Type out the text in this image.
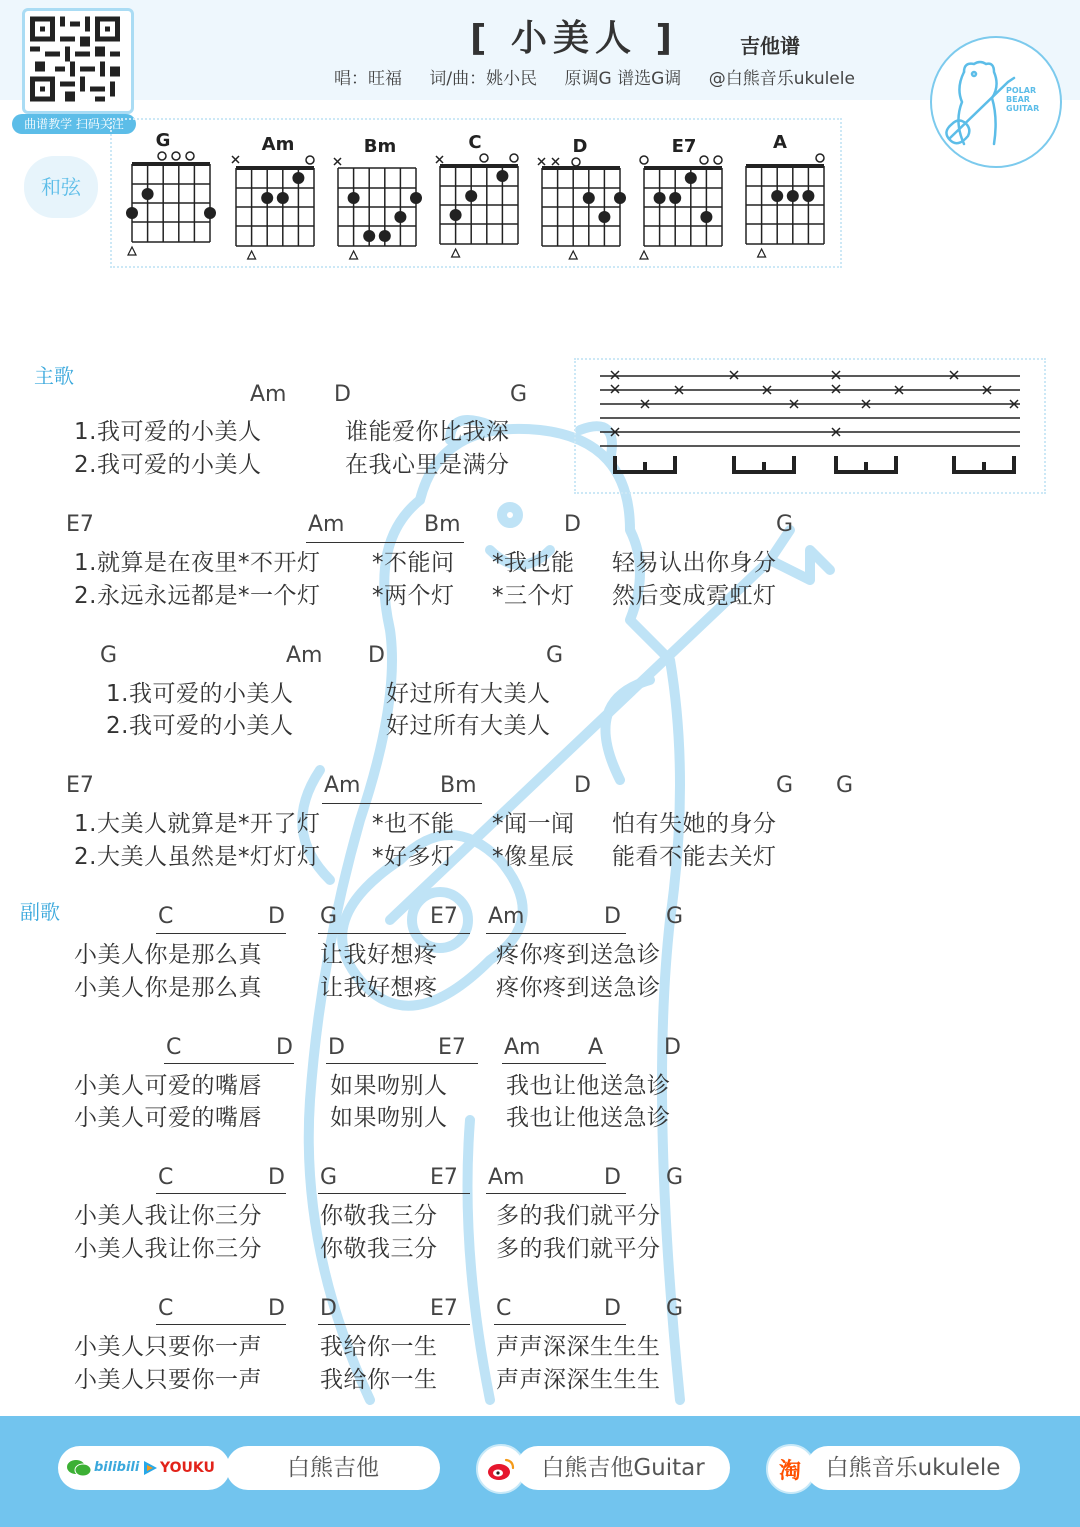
曲谱教学 扫码关注
[ 小美人 ]	吉他谱
唱：旺福 词/曲：姚小民 原调G 谱选G调 @白熊音乐ukulele
POLAR
BEAR
GUITAR
和弦
G	Am	Bm	C	D	E7	A
主歌
副歌
Am D	G
1.我可爱的小美人	谁能爱你比我深
2.我可爱的小美人	在我心里是满分
E7	Am	Bm	D	G
1.就算是在夜里*不开灯 *不能问 *我也能 轻易认出你身分
2.永远永远都是*一个灯 *两个灯 *三个灯 然后变成霓虹灯
G	Am D	G
1.我可爱的小美人	好过所有大美人
2.我可爱的小美人	好过所有大美人
E7	Am	Bm	D	G G
1.大美人就算是*开了灯 *也不能 *闻一闻 怕有失她的身分
2.大美人虽然是*灯灯灯 *好多灯 *像星辰 能看不能去关灯
C	D G	E7 Am	D G
小美人你是那么真	让我好想疼	疼你疼到送急诊
小美人你是那么真	让我好想疼	疼你疼到送急诊
C	D D	E7 Am A	D
小美人可爱的嘴唇	如果吻别人	我也让他送急诊
小美人可爱的嘴唇	如果吻别人	我也让他送急诊
C	D G	E7 Am	D G
小美人我让你三分	你敬我三分	多的我们就平分
小美人我让你三分	你敬我三分	多的我们就平分
C	D D	E7 C	D G
小美人只要你一声	我给你一生	声声深深生生生
小美人只要你一声	我给你一生	声声深深生生生
bilibili YOUKU	白熊吉他	白熊吉他Guitar	淘	白熊音乐ukulele
